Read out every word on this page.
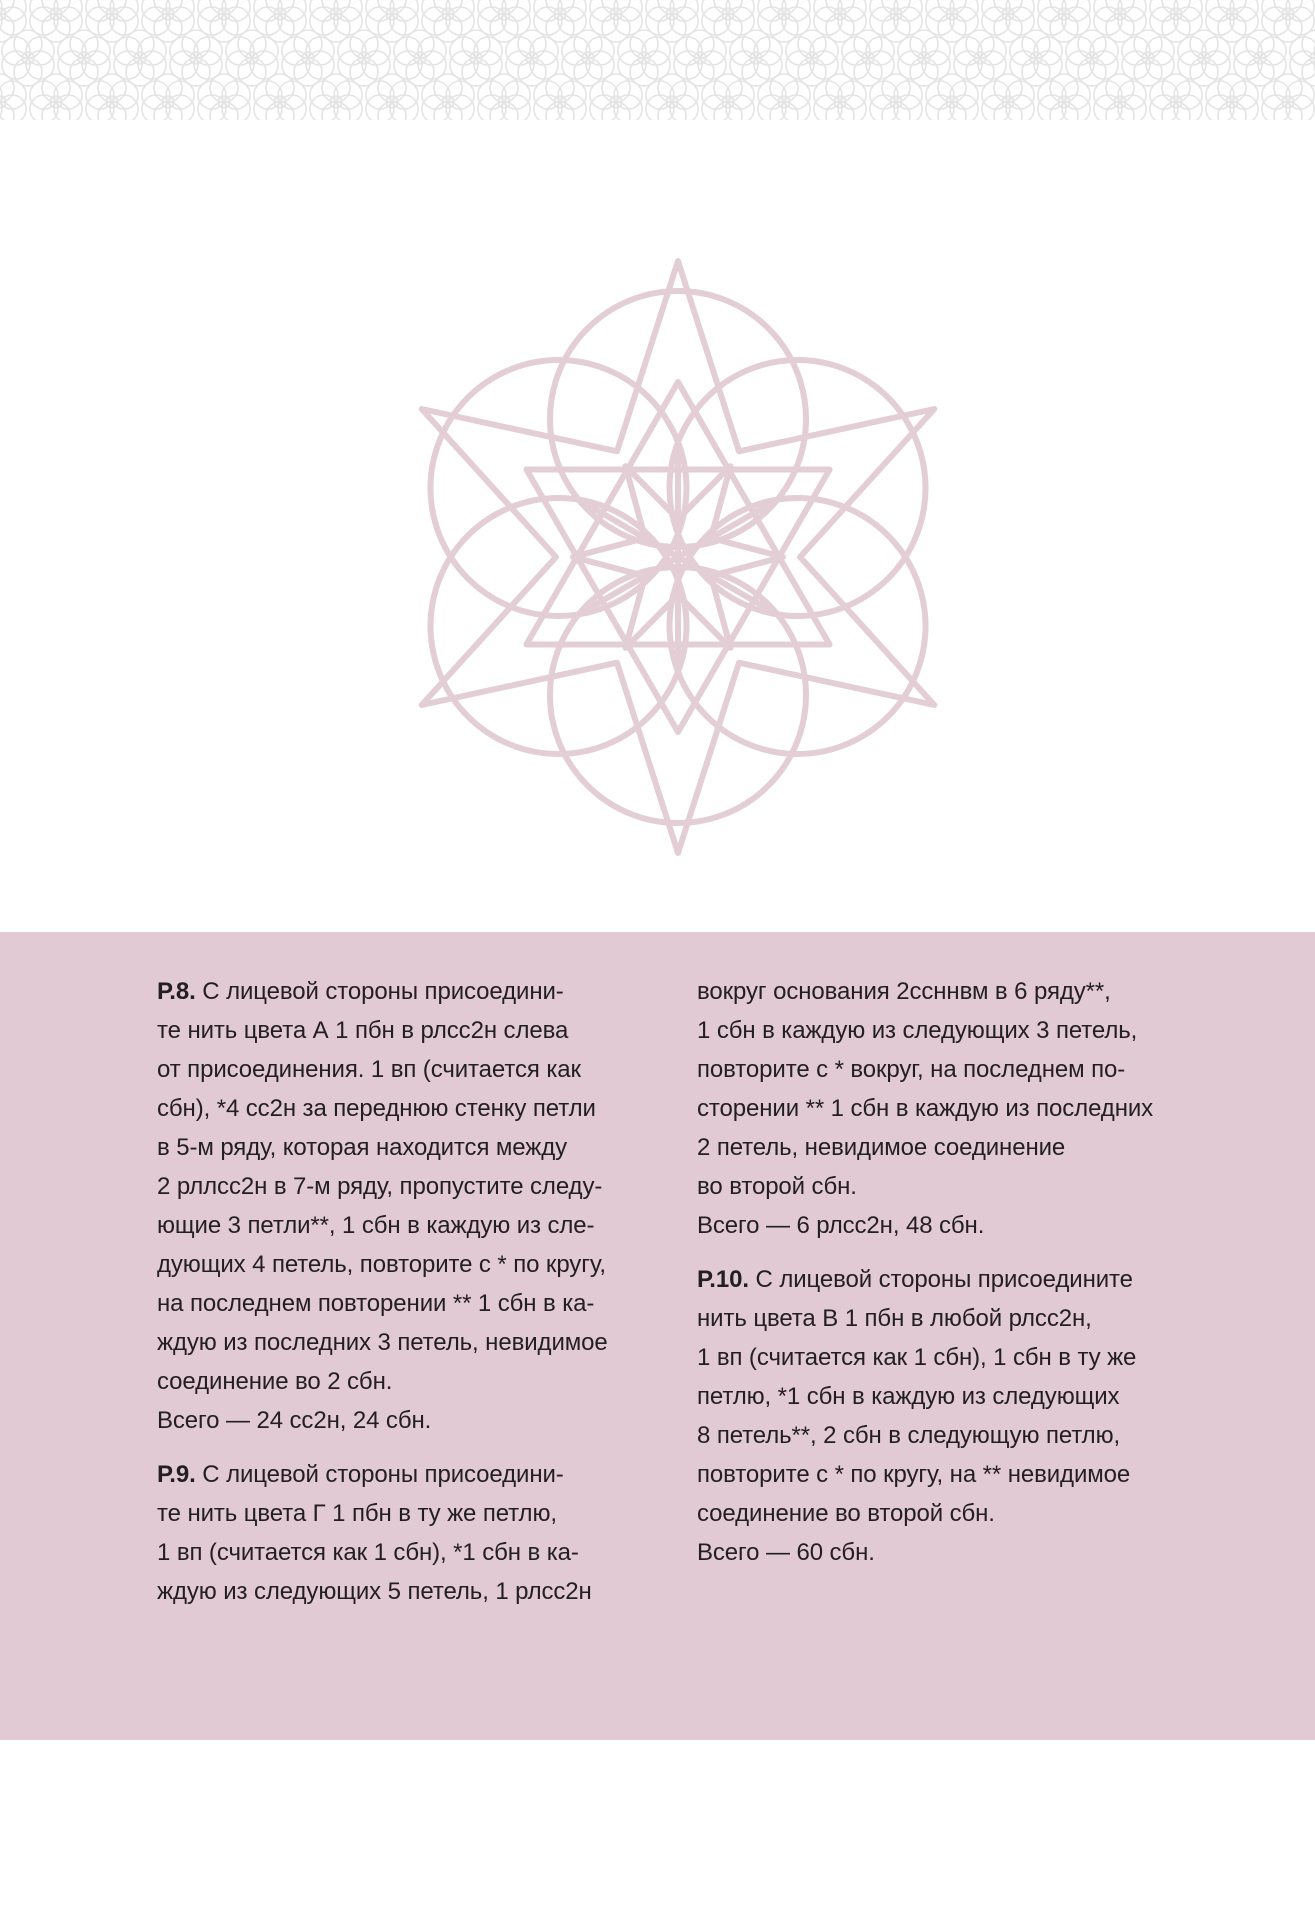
Р.8. С лицевой стороны присоедини-
те нить цвета А 1 пбн в рлсс2н слева
от присоединения. 1 вп (считается как
сбн), *4 сс2н за переднюю стенку петли
в 5-м ряду, которая находится между
2 рллсс2н в 7-м ряду, пропустите следу-
ющие 3 петли**, 1 сбн в каждую из сле-
дующих 4 петель, повторите с * по кругу,
на последнем повторении ** 1 сбн в ка-
ждую из последних 3 петель, невидимое
соединение во 2 сбн.
Всего — 24 сс2н, 24 сбн.
Р.9. С лицевой стороны присоедини-
те нить цвета Г 1 пбн в ту же петлю,
1 вп (считается как 1 сбн), *1 сбн в ка-
ждую из следующих 5 петель, 1 рлсс2н
вокруг основания 2ссннвм в 6 ряду**,
1 сбн в каждую из следующих 3 петель,
повторите с * вокруг, на последнем по-
сторении ** 1 сбн в каждую из последних
2 петель, невидимое соединение
во второй сбн.
Всего — 6 рлсс2н, 48 сбн.
Р.10. С лицевой стороны присоедините
нить цвета В 1 пбн в любой рлсс2н,
1 вп (считается как 1 сбн), 1 сбн в ту же
петлю, *1 сбн в каждую из следующих
8 петель**, 2 сбн в следующую петлю,
повторите с * по кругу, на ** невидимое
соединение во второй сбн.
Всего — 60 сбн.
